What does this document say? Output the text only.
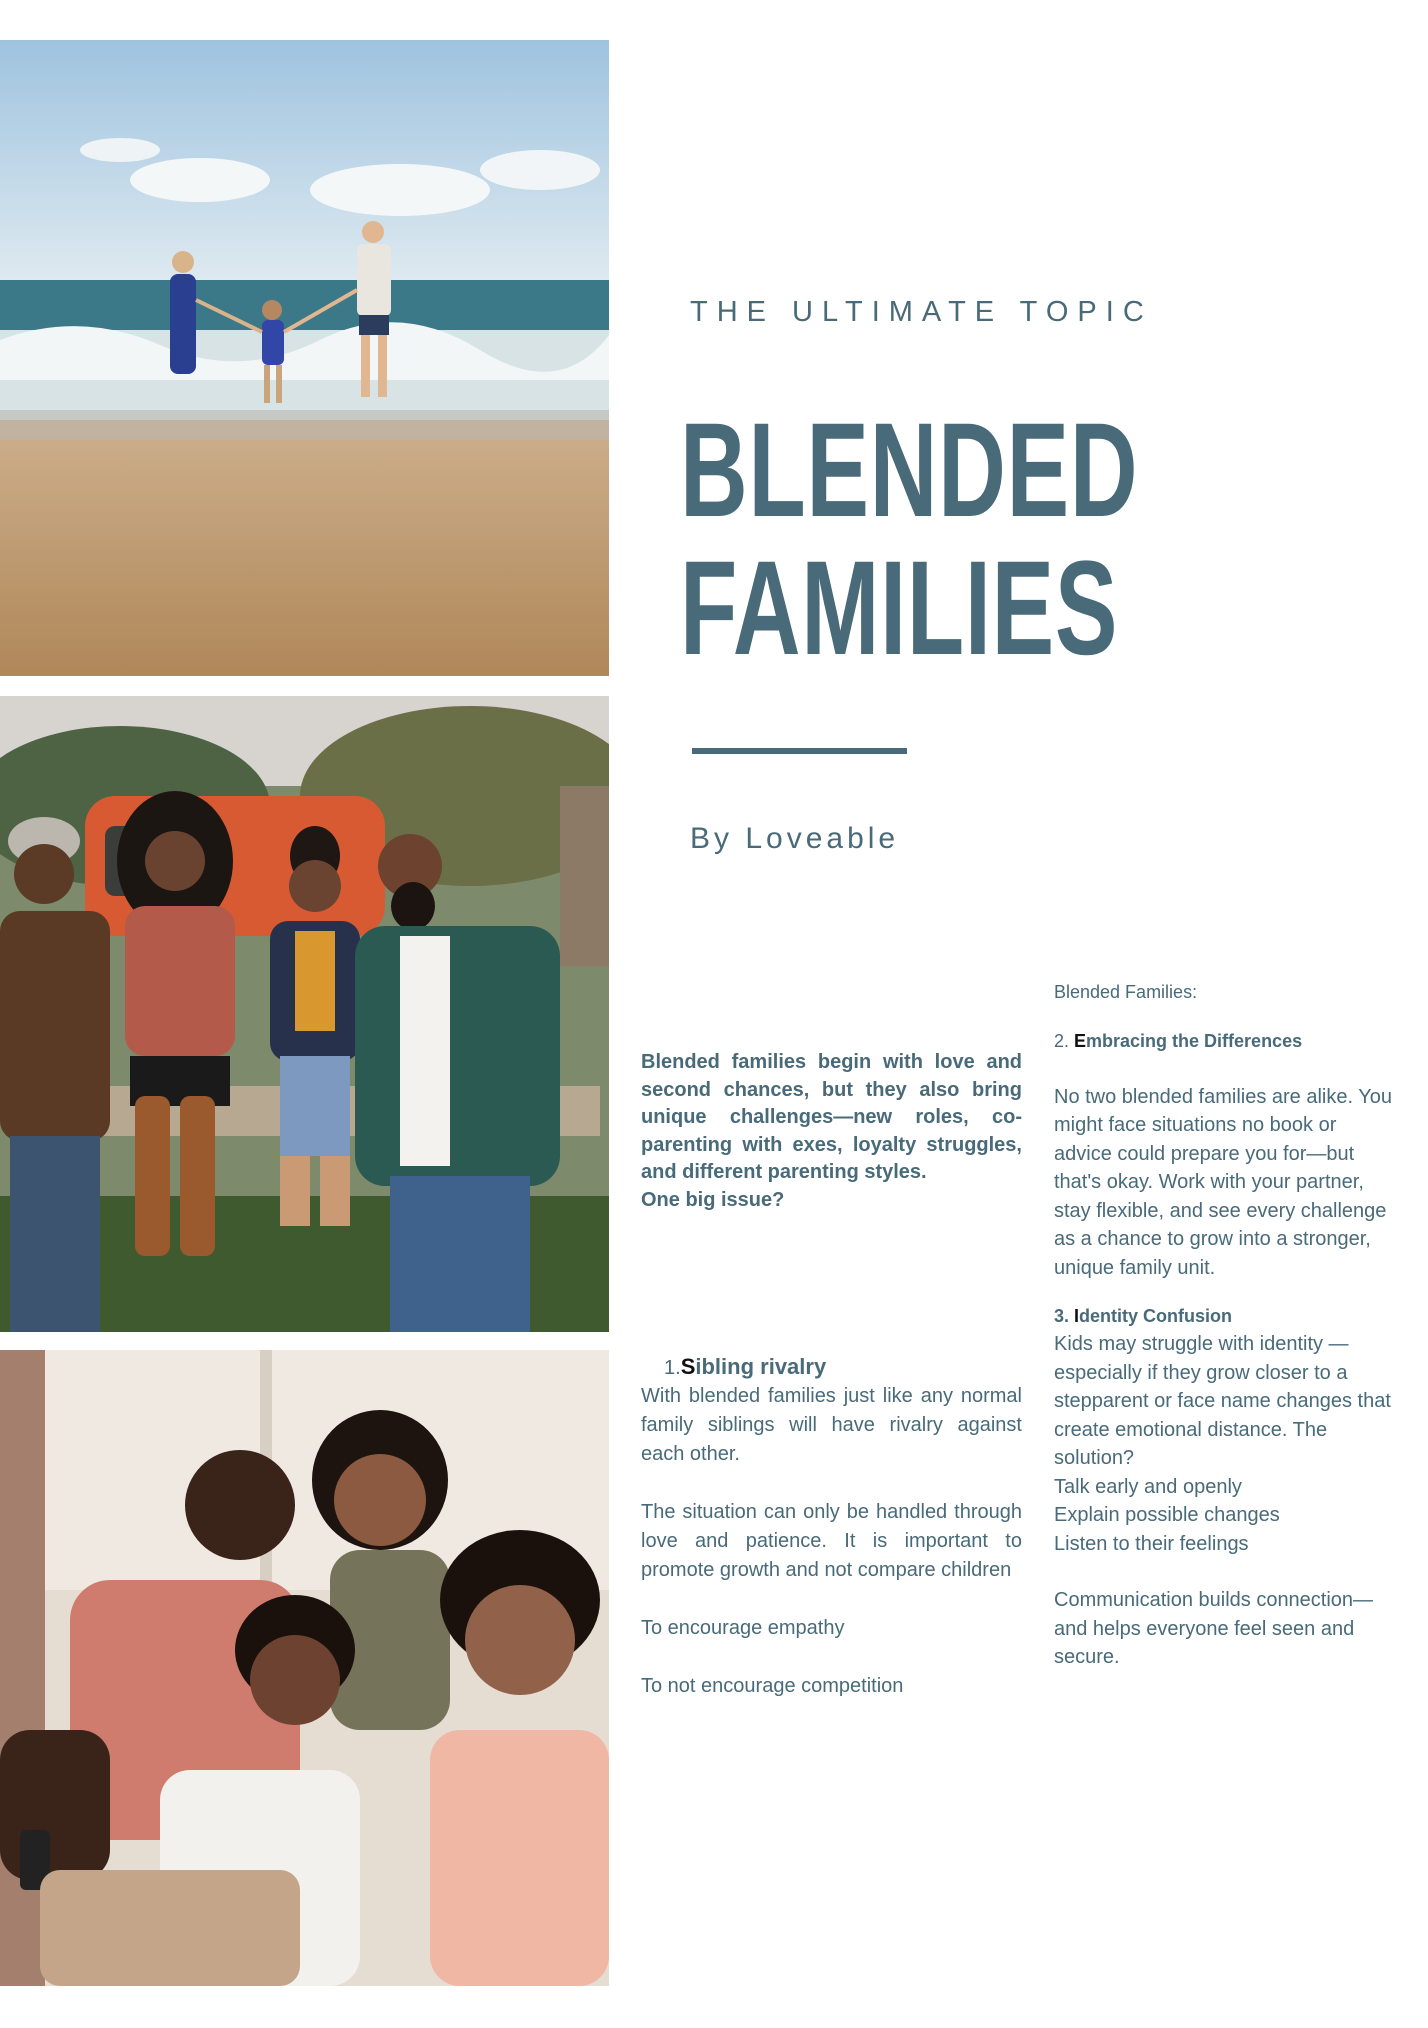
THE ULTIMATE TOPIC
BLENDED
FAMILIES
By Loveable
Blended families begin with love and second chances, but they also bring unique challenges—new roles, co-parenting with exes, loyalty struggles, and different parenting styles.
One big issue?
1.Sibling rivalry

With blended families just like any normal family siblings will have rivalry against each other.

The situation can only be handled through love and patience. It is important to promote growth and not compare children

To encourage empathy

To not encourage competition

Blended Families:

2. Embracing the Differences

No two blended families are alike. You might face situations no book or advice could prepare you for—but that's okay. Work with your partner, stay flexible, and see every challenge as a chance to grow into a stronger, unique family unit.

3. Identity Confusion

Kids may struggle with identity —especially if they grow closer to a stepparent or face name changes that create emotional distance. The solution?

Talk early and openly

Explain possible changes

Listen to their feelings

Communication builds connection—and helps everyone feel seen and secure.
